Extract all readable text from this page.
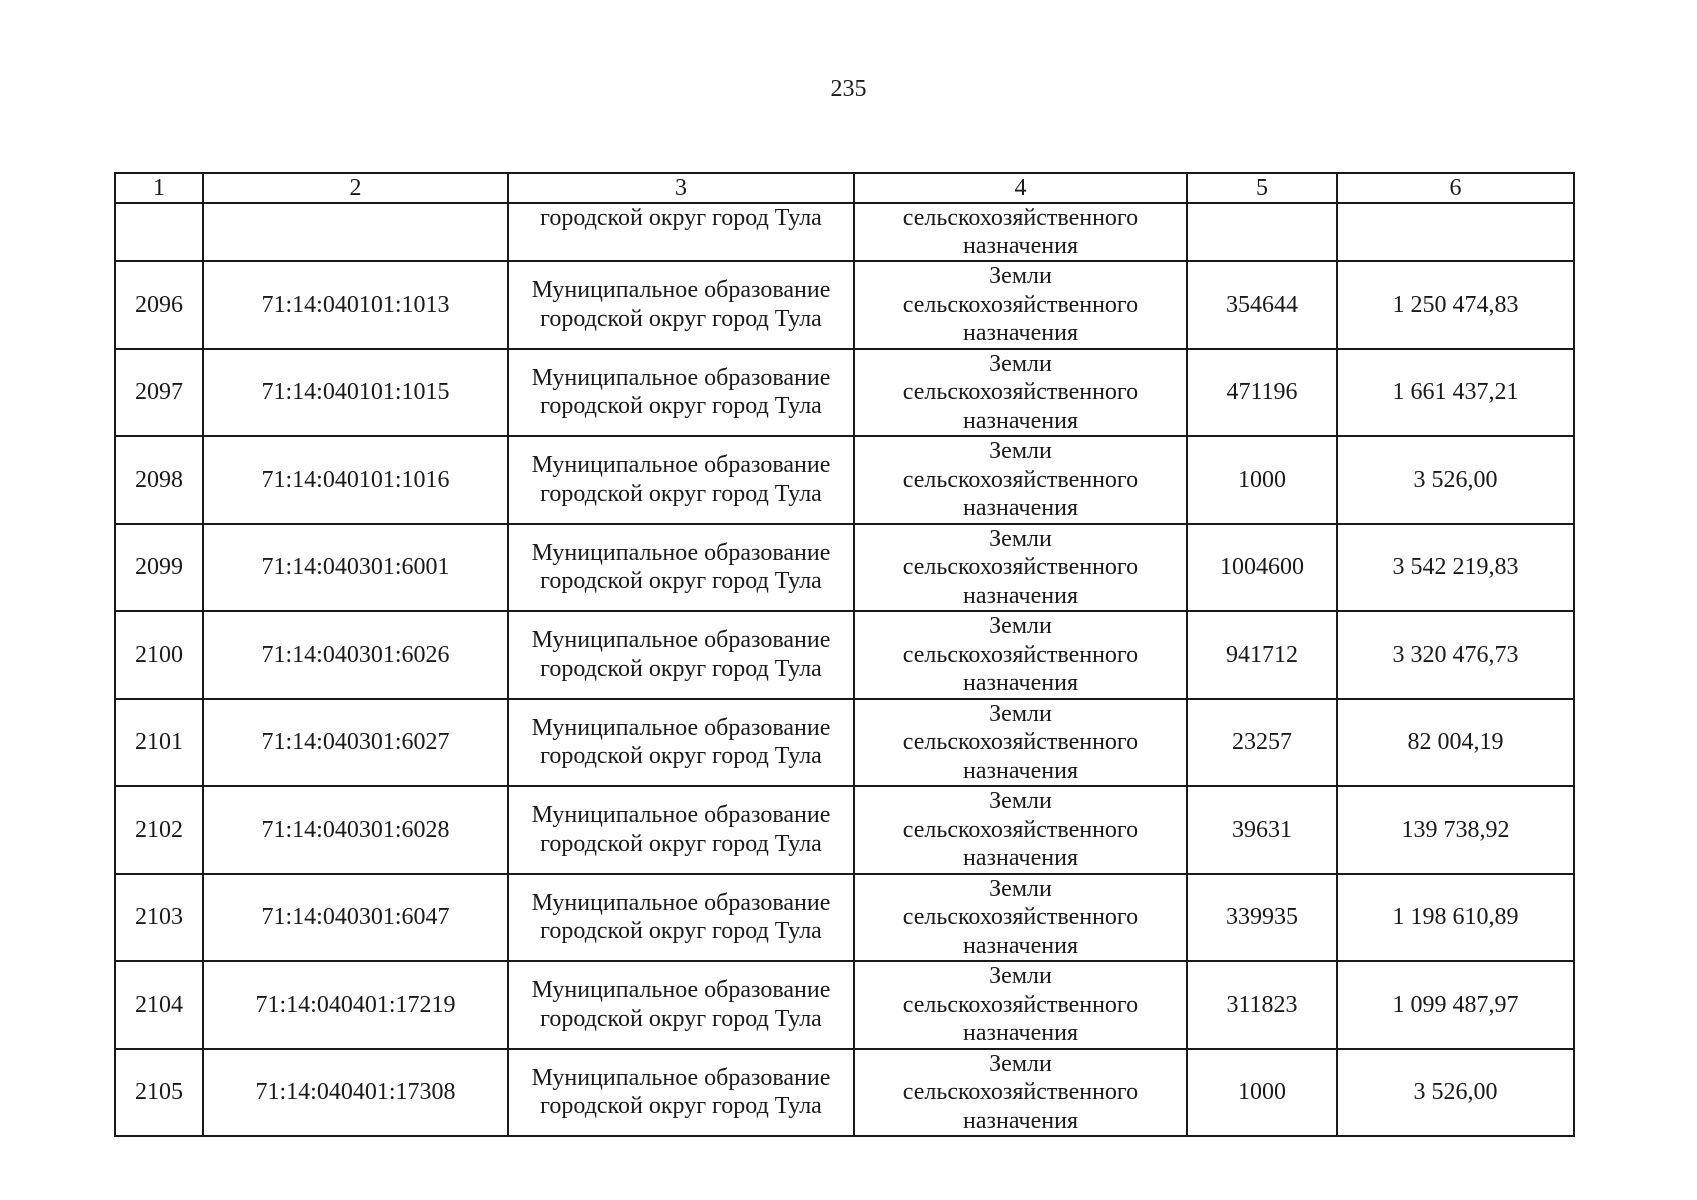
235
1	2	3	4	5	6

		городской округ город Тула	сельскохозяйственного
назначения		

2096	71:14:040101:1013	Муниципальное образование
городской округ город Тула	Земли
сельскохозяйственного
назначения	354644	1 250 474,83
2097	71:14:040101:1015	Муниципальное образование
городской округ город Тула	Земли
сельскохозяйственного
назначения	471196	1 661 437,21
2098	71:14:040101:1016	Муниципальное образование
городской округ город Тула	Земли
сельскохозяйственного
назначения	1000	3 526,00
2099	71:14:040301:6001	Муниципальное образование
городской округ город Тула	Земли
сельскохозяйственного
назначения	1004600	3 542 219,83
2100	71:14:040301:6026	Муниципальное образование
городской округ город Тула	Земли
сельскохозяйственного
назначения	941712	3 320 476,73
2101	71:14:040301:6027	Муниципальное образование
городской округ город Тула	Земли
сельскохозяйственного
назначения	23257	82 004,19
2102	71:14:040301:6028	Муниципальное образование
городской округ город Тула	Земли
сельскохозяйственного
назначения	39631	139 738,92
2103	71:14:040301:6047	Муниципальное образование
городской округ город Тула	Земли
сельскохозяйственного
назначения	339935	1 198 610,89
2104	71:14:040401:17219	Муниципальное образование
городской округ город Тула	Земли
сельскохозяйственного
назначения	311823	1 099 487,97
2105	71:14:040401:17308	Муниципальное образование
городской округ город Тула	Земли
сельскохозяйственного
назначения	1000	3 526,00
